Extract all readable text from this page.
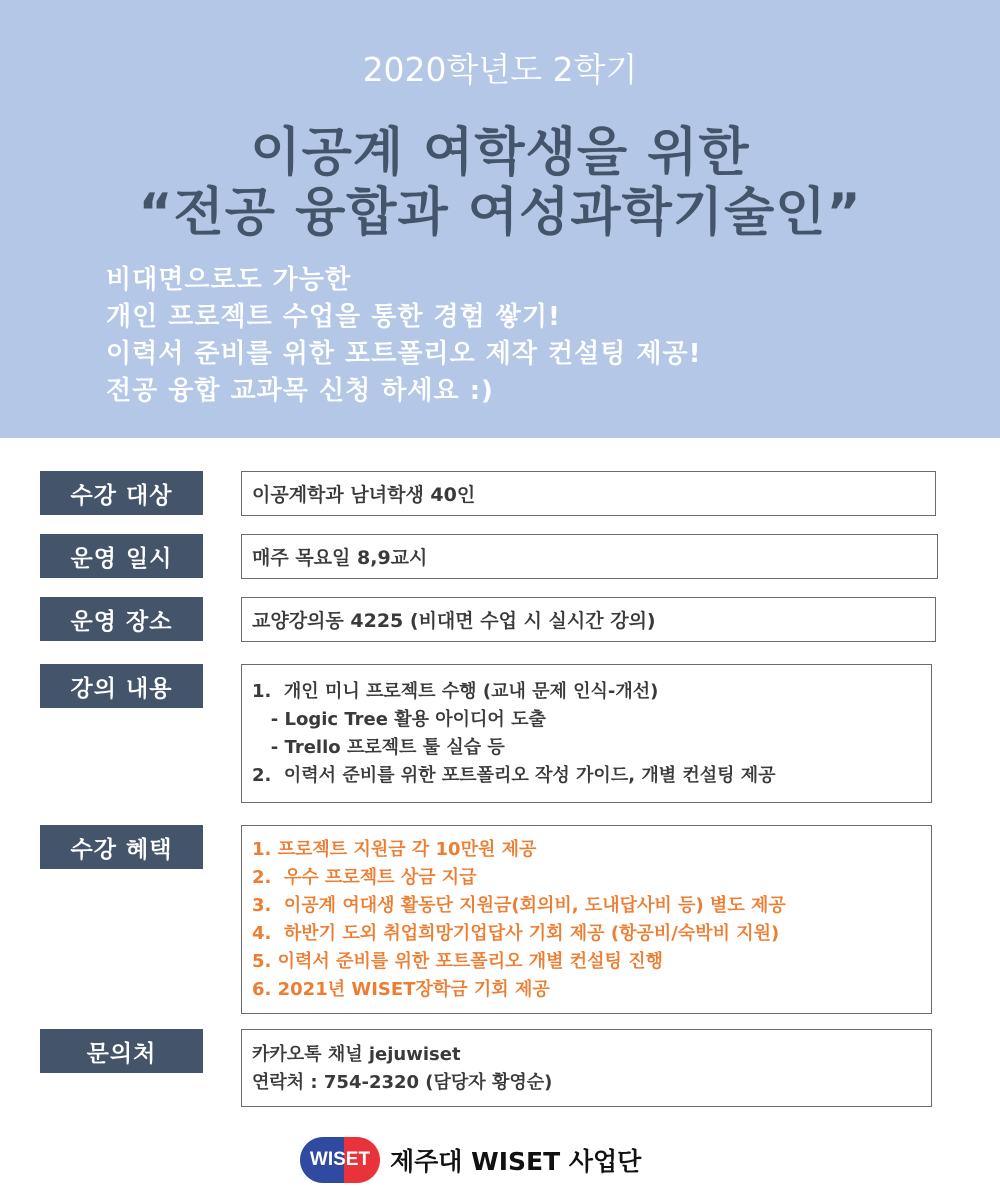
2020학년도 2학기
이공계 여학생을 위한
“전공 융합과 여성과학기술인”
비대면으로도 가능한
개인 프로젝트 수업을 통한 경험 쌓기!
이력서 준비를 위한 포트폴리오 제작 컨설팅 제공!
전공 융합 교과목 신청 하세요 :)
수강 대상	이공계학과 남녀학생 40인
운영 일시	매주 목요일 8,9교시
운영 장소	교양강의동 4225 (비대면 수업 시 실시간 강의)
강의 내용	1.  개인 미니 프로젝트 수행 (교내 문제 인식-개선)
- Logic Tree 활용 아이디어 도출
- Trello 프로젝트 툴 실습 등
2.  이력서 준비를 위한 포트폴리오 작성 가이드, 개별 컨설팅 제공
수강 혜택	1. 프로젝트 지원금 각 10만원 제공
2.  우수 프로젝트 상금 지급
3.  이공계 여대생 활동단 지원금(회의비, 도내답사비 등) 별도 제공
4.  하반기 도외 취업희망기업답사 기회 제공 (항공비/숙박비 지원)
5. 이력서 준비를 위한 포트폴리오 개별 컨설팅 진행
6. 2021년 WISET장학금 기회 제공
문의처	카카오톡 채널 jejuwiset
연락처 : 754-2320 (담당자 황영순)
WISET 제주대 WISET 사업단
